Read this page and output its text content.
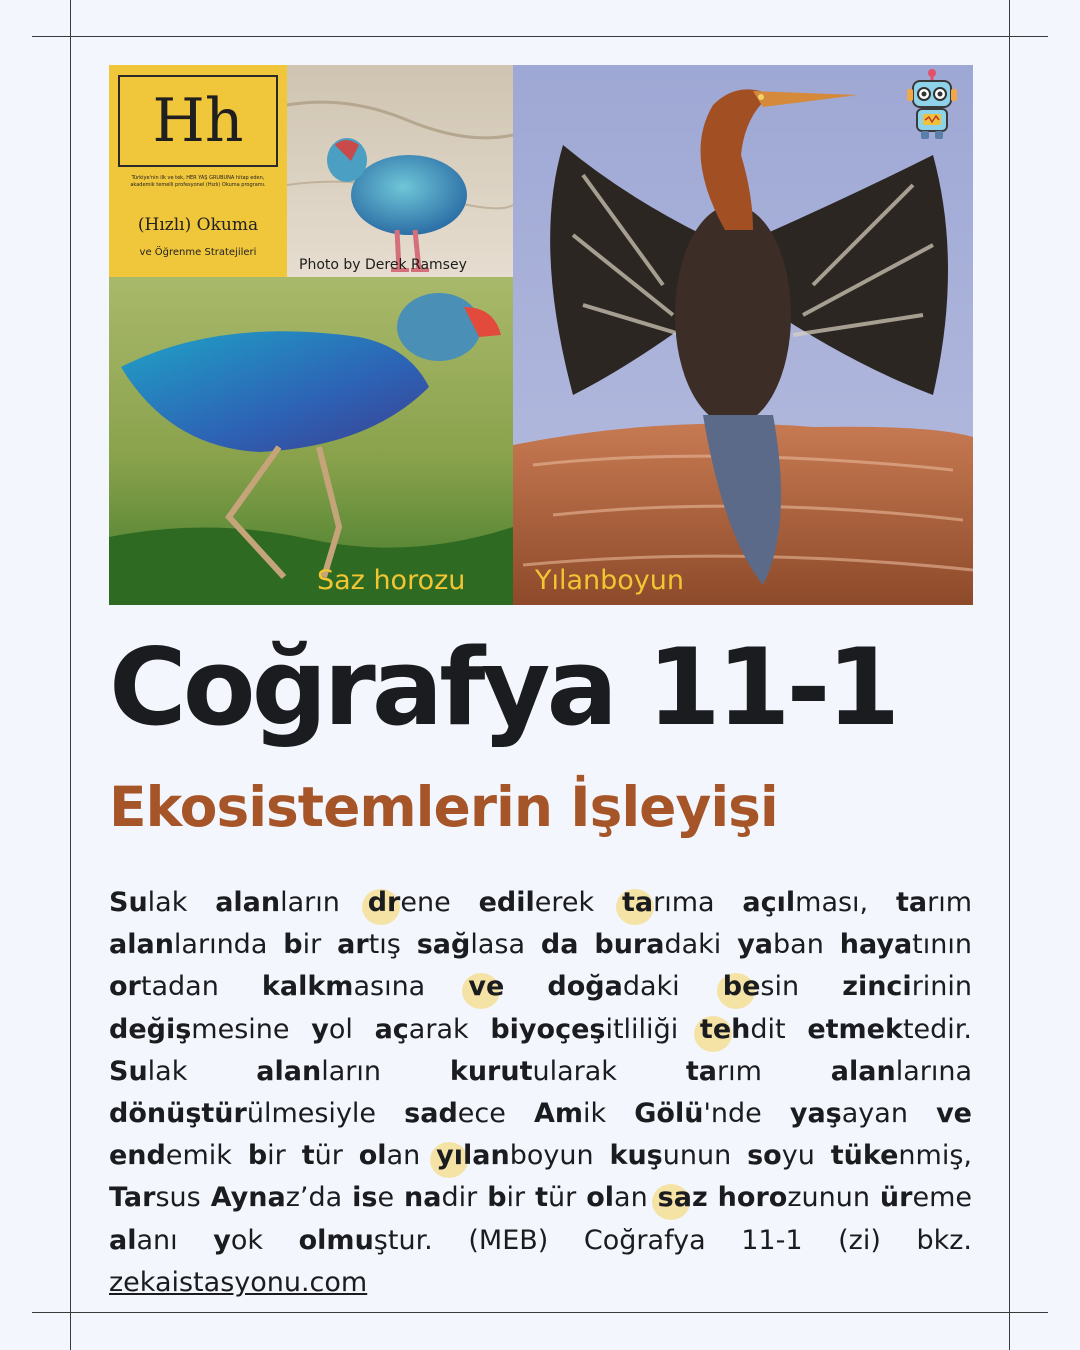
Hh
Türkiye'nin ilk ve tek, HER YAŞ GRUBUNA hitap eden, akademik temelli profesyonel (Hızlı) Okuma programı.
(Hızlı) Okuma
ve Öğrenme Stratejileri
Photo by Derek Ramsey
Saz horozu	Yılanboyun
Coğrafya 11-1
Ekosistemlerin İşleyişi

Sulak alanların drene edilerek tarıma açılması, tarım alanlarında bir artış sağlasa da buradaki yaban hayatının ortadan kalkmasına ve doğadaki besin zincirinin değişmesine yol açarak biyoçeşitliliği tehdit etmektedir. Sulak alanların kurutularak tarım alanlarına dönüştürülmesiyle sadece Amik Gölü'nde yaşayan ve endemik bir tür olan yılanboyun kuşunun soyu tükenmiş, Tarsus Aynaz’da ise nadir bir tür olan saz horozunun üreme alanı yok olmuştur. (MEB) Coğrafya 11-1 (zi) bkz. zekaistasyonu.com
